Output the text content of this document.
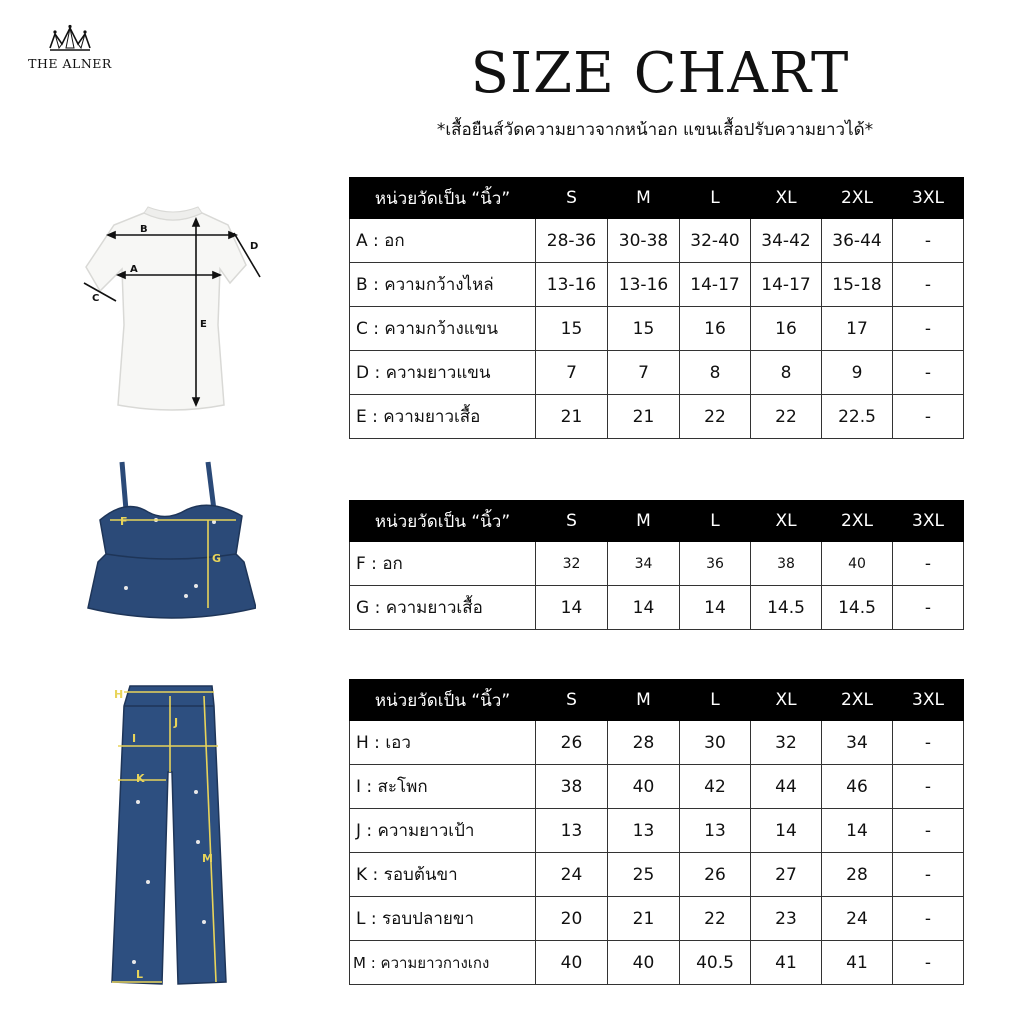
THE ALNER	SIZE CHART
*เสื้อยืนส์วัดความยาวจากหน้าอก แขนเสื้อปรับความยาวได้*
B
A
C
D
E
F
G
H
I
J
K
L
M
หน่วยวัดเป็น “นิ้ว”	S	M	L	XL	2XL	3XL
A : อก	28-36	30-38	32-40	34-42	36-44	-
B : ความกว้างไหล่	13-16	13-16	14-17	14-17	15-18	-
C : ความกว้างแขน	15	15	16	16	17	-
D : ความยาวแขน	7	7	8	8	9	-
E : ความยาวเสื้อ	21	21	22	22	22.5	-
หน่วยวัดเป็น “นิ้ว”	S	M	L	XL	2XL	3XL
F : อก	32	34	36	38	40	-
G : ความยาวเสื้อ	14	14	14	14.5	14.5	-
หน่วยวัดเป็น “นิ้ว”	S	M	L	XL	2XL	3XL
H : เอว	26	28	30	32	34	-
I : สะโพก	38	40	42	44	46	-
J : ความยาวเป้า	13	13	13	14	14	-
K : รอบต้นขา	24	25	26	27	28	-
L : รอบปลายขา	20	21	22	23	24	-
M : ความยาวกางเกง	40	40	40.5	41	41	-
